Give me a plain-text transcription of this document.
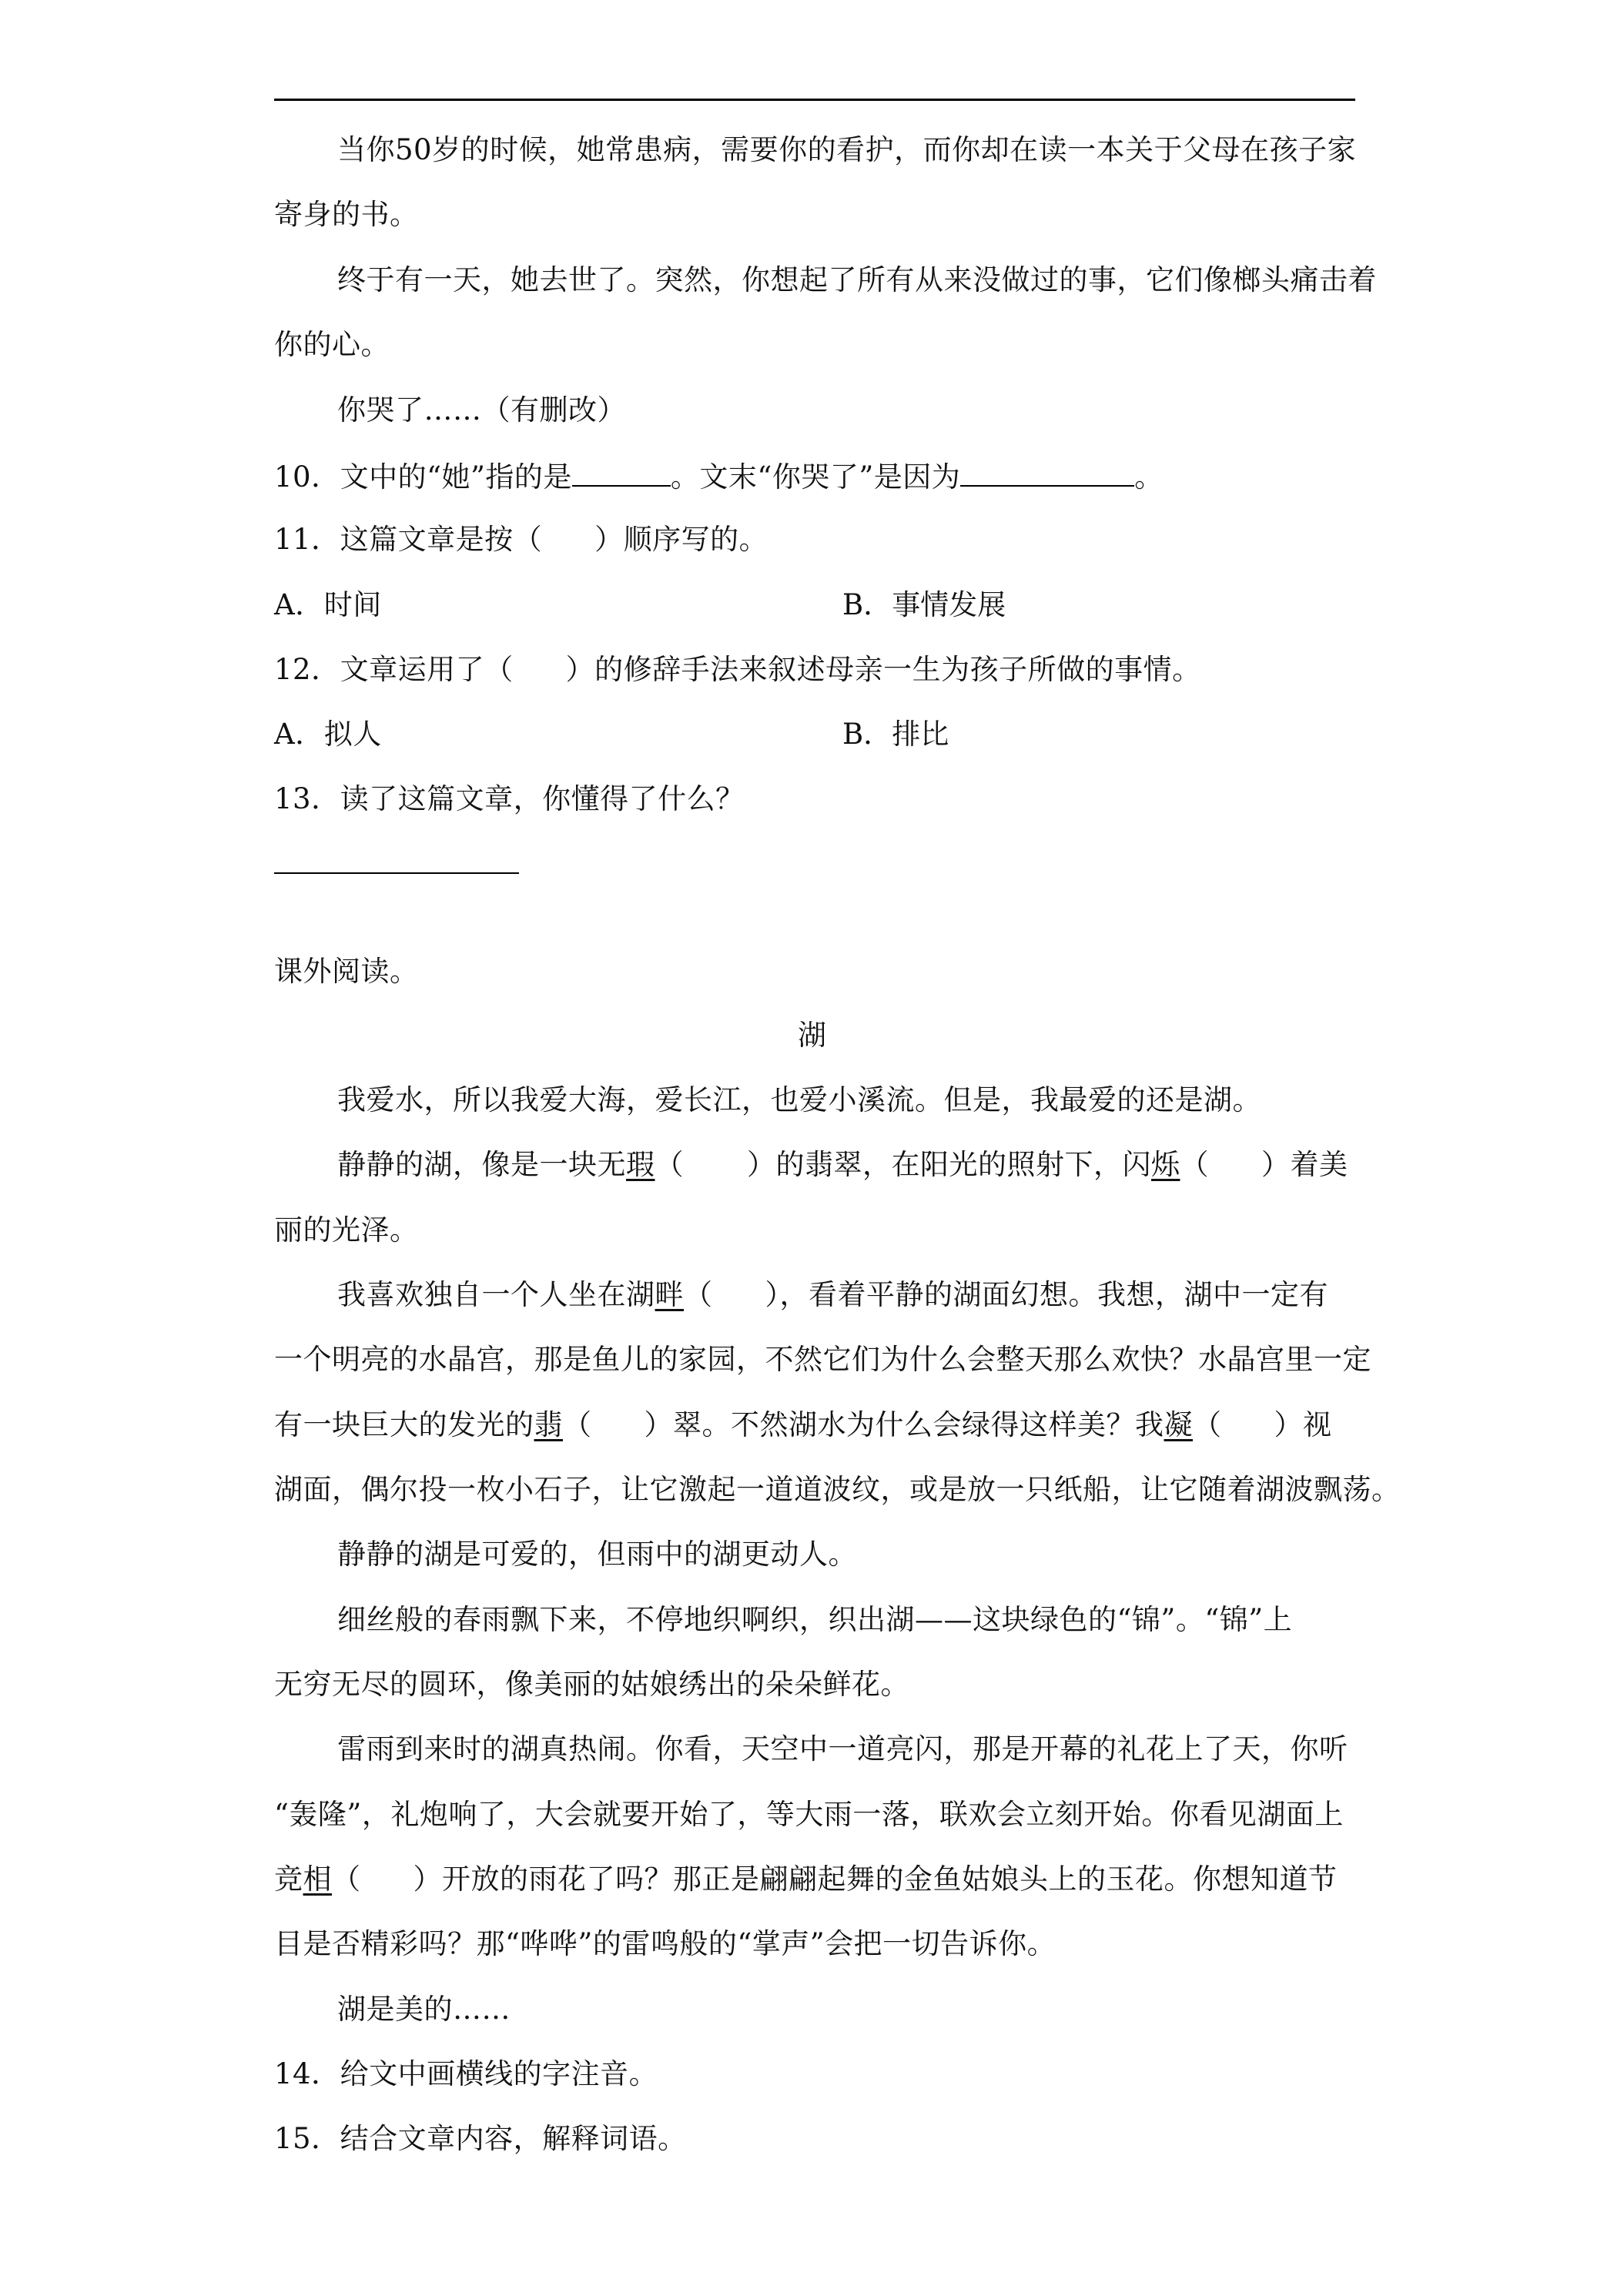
当你50岁的时候，她常患病，需要你的看护，而你却在读一本关于父母在孩子家

寄身的书。

终于有一天，她去世了。突然，你想起了所有从来没做过的事，它们像榔头痛击着

你的心。

你哭了……（有删改）

10．文中的“她”指的是	。文末“你哭了”是因为	。

11．这篇文章是按（ ）顺序写的。

A．时间	B．事情发展

12．文章运用了（ ）的修辞手法来叙述母亲一生为孩子所做的事情。

A．拟人	B．排比

13．读了这篇文章，你懂得了什么？

课外阅读。

湖

我爱水，所以我爱大海，爱长江，也爱小溪流。但是，我最爱的还是湖。

静静的湖，像是一块无瑕（ ）的翡翠，在阳光的照射下，闪烁（ ）着美

丽的光泽。

我喜欢独自一个人坐在湖畔（ ），看着平静的湖面幻想。我想，湖中一定有

一个明亮的水晶宫，那是鱼儿的家园，不然它们为什么会整天那么欢快？水晶宫里一定

有一块巨大的发光的翡（ ）翠。不然湖水为什么会绿得这样美？我凝（ ）视

湖面，偶尔投一枚小石子，让它激起一道道波纹，或是放一只纸船，让它随着湖波飘荡。

静静的湖是可爱的，但雨中的湖更动人。

细丝般的春雨飘下来，不停地织啊织，织出湖——这块绿色的“锦”。“锦”上

无穷无尽的圆环，像美丽的姑娘绣出的朵朵鲜花。

雷雨到来时的湖真热闹。你看，天空中一道亮闪，那是开幕的礼花上了天，你听

“轰隆”，礼炮响了，大会就要开始了，等大雨一落，联欢会立刻开始。你看见湖面上

竞相（ ）开放的雨花了吗？那正是翩翩起舞的金鱼姑娘头上的玉花。你想知道节

目是否精彩吗？那“哗哗”的雷鸣般的“掌声”会把一切告诉你。

湖是美的……

14．给文中画横线的字注音。

15．结合文章内容，解释词语。
